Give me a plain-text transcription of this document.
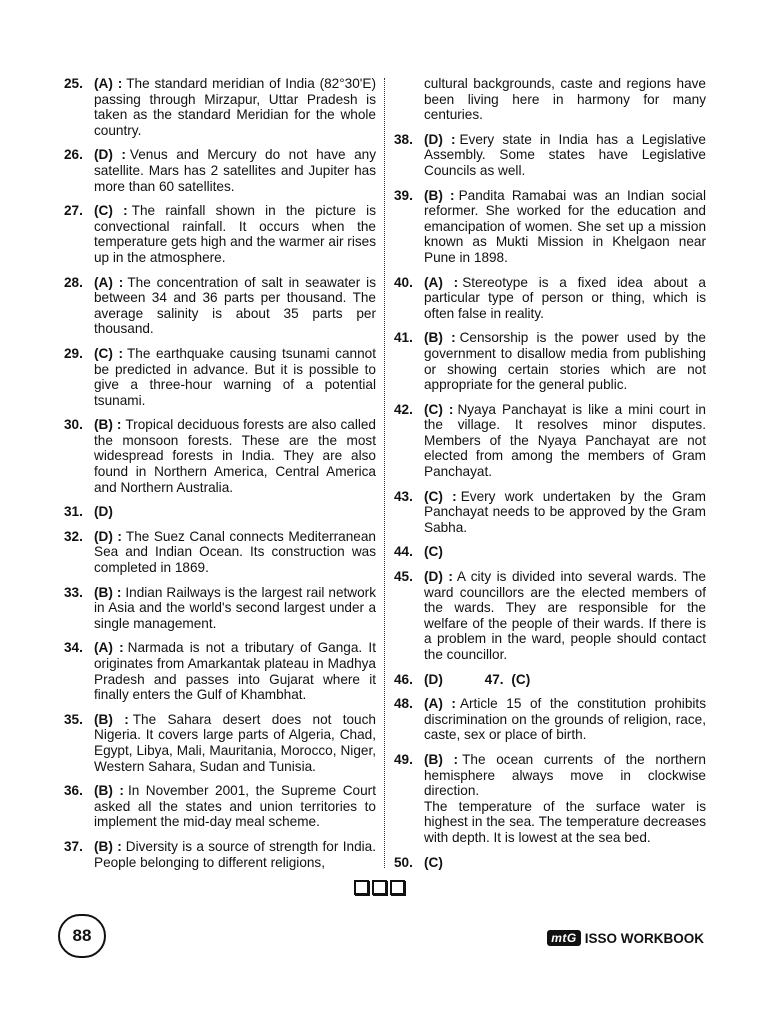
25. (A) : The standard meridian of India (82°30'E) passing through Mirzapur, Uttar Pradesh is taken as the standard Meridian for the whole country.
26. (D) : Venus and Mercury do not have any satellite. Mars has 2 satellites and Jupiter has more than 60 satellites.
27. (C) : The rainfall shown in the picture is convectional rainfall. It occurs when the temperature gets high and the warmer air rises up in the atmosphere.
28. (A) : The concentration of salt in seawater is between 34 and 36 parts per thousand. The average salinity is about 35 parts per thousand.
29. (C) : The earthquake causing tsunami cannot be predicted in advance. But it is possible to give a three-hour warning of a potential tsunami.
30. (B) : Tropical deciduous forests are also called the monsoon forests. These are the most widespread forests in India. They are also found in Northern America, Central America and Northern Australia.
31. (D)
32. (D) : The Suez Canal connects Mediterranean Sea and Indian Ocean. Its construction was completed in 1869.
33. (B) : Indian Railways is the largest rail network in Asia and the world's second largest under a single management.
34. (A) : Narmada is not a tributary of Ganga. It originates from Amarkantak plateau in Madhya Pradesh and passes into Gujarat where it finally enters the Gulf of Khambhat.
35. (B) : The Sahara desert does not touch Nigeria. It covers large parts of Algeria, Chad, Egypt, Libya, Mali, Mauritania, Morocco, Niger, Western Sahara, Sudan and Tunisia.
36. (B) : In November 2001, the Supreme Court asked all the states and union territories to implement the mid-day meal scheme.
37. (B) : Diversity is a source of strength for India. People belonging to different religions,
cultural backgrounds, caste and regions have been living here in harmony for many centuries.
38. (D) : Every state in India has a Legislative Assembly. Some states have Legislative Councils as well.
39. (B) : Pandita Ramabai was an Indian social reformer. She worked for the education and emancipation of women. She set up a mission known as Mukti Mission in Khelgaon near Pune in 1898.
40. (A) : Stereotype is a fixed idea about a particular type of person or thing, which is often false in reality.
41. (B) : Censorship is the power used by the government to disallow media from publishing or showing certain stories which are not appropriate for the general public.
42. (C) : Nyaya Panchayat is like a mini court in the village. It resolves minor disputes. Members of the Nyaya Panchayat are not elected from among the members of Gram Panchayat.
43. (C) : Every work undertaken by the Gram Panchayat needs to be approved by the Gram Sabha.
44. (C)
45. (D) : A city is divided into several wards. The ward councillors are the elected members of the wards. They are responsible for the welfare of the people of their wards. If there is a problem in the ward, people should contact the councillor.
46. (D)	47. (C)
48. (A) : Article 15 of the constitution prohibits discrimination on the grounds of religion, race, caste, sex or place of birth.
49. (B) : The ocean currents of the northern hemisphere always move in clockwise direction.
The temperature of the surface water is highest in the sea. The temperature decreases with depth. It is lowest at the sea bed.
50. (C)
88	mtG ISSO WORKBOOK
